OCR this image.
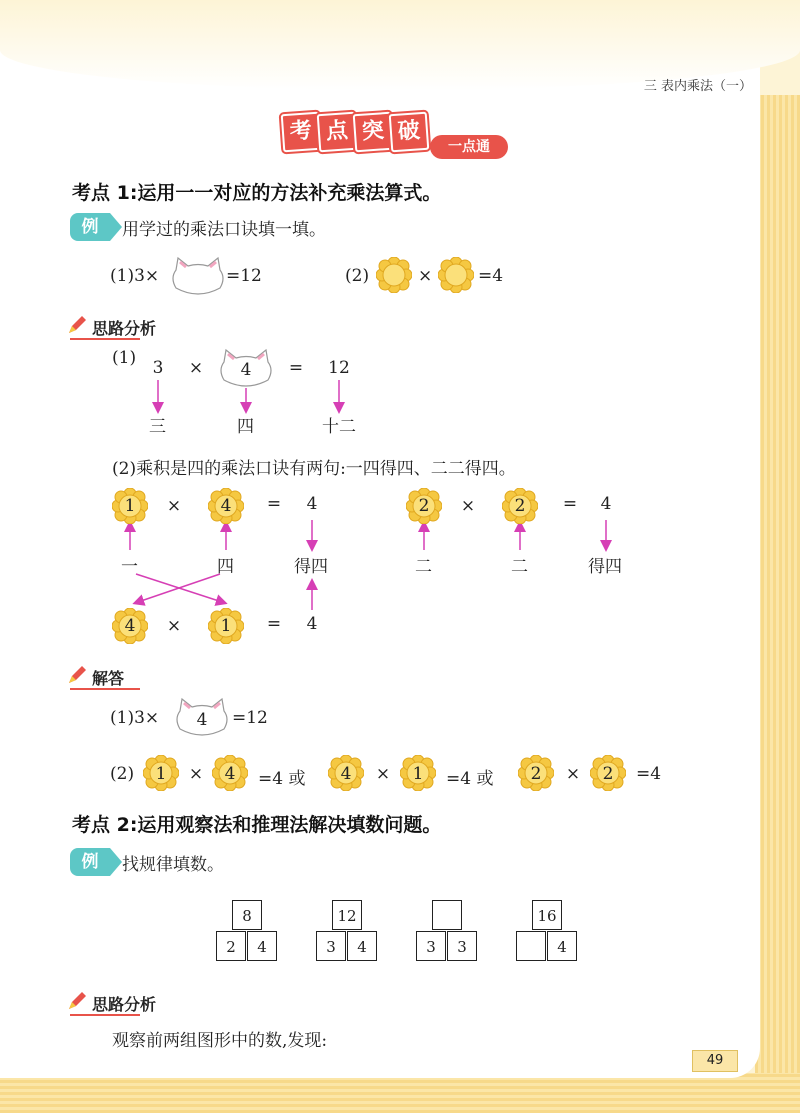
三 表内乘法（一）
考 点 突 破
一点通
考点 1:运用一一对应的方法补充乘法算式。
例	用学过的乘法口诀填一填。
(1)3×	=12	(2)	×	=4
思路分析
(1) 3 × 4 = 12
三	四	十二
(2)乘积是四的乘法口诀有两句:一四得四、二二得四。
1 × 4 = 4
一	四	得四
4 × 1 = 4
2 × 2 = 4
二	二	得四
解答
(1)3× 4 =12
(2) 1 × 4 =4 或 4 × 1 =4 或 2 × 2 =4
考点 2:运用观察法和推理法解决填数问题。
例	找规律填数。
8
2	4
12
3	4	3	3
16
4
思路分析
观察前两组图形中的数,发现:
49
